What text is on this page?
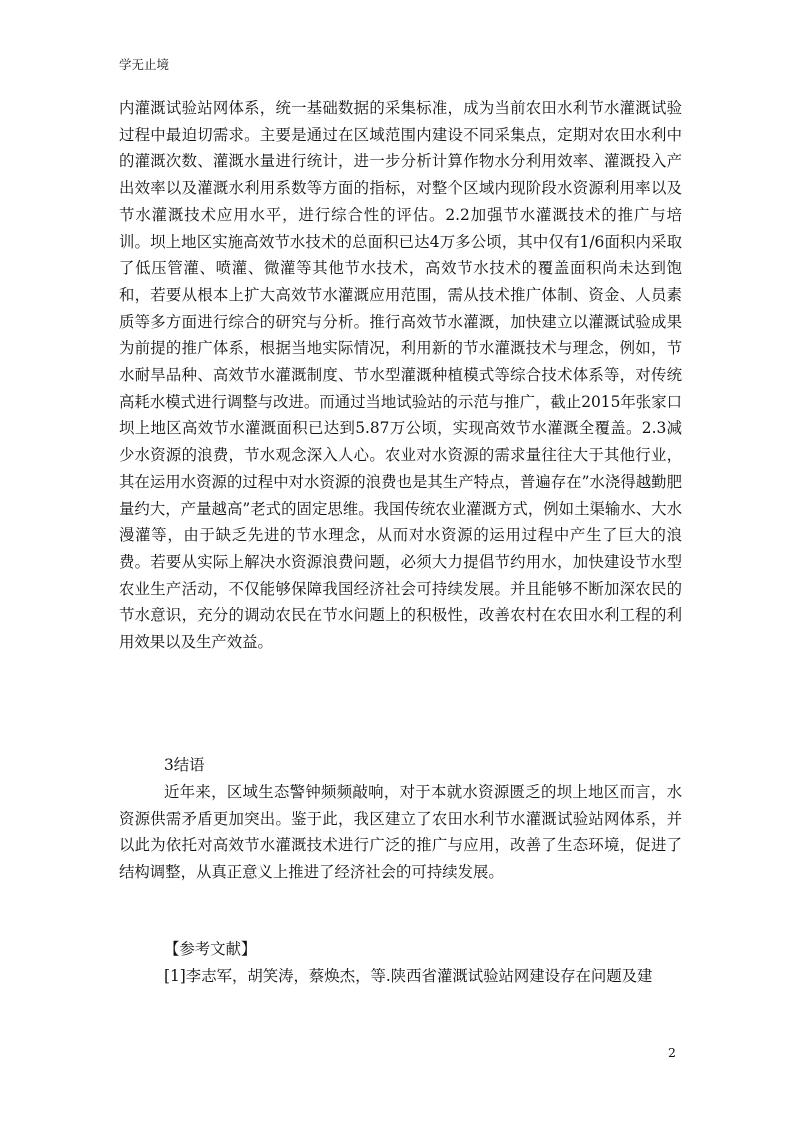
学无止境

内灌溉试验站网体系，统一基础数据的采集标准，成为当前农田水利节水灌溉试验过程中最迫切需求。主要是通过在区域范围内建设不同采集点，定期对农田水利中的灌溉次数、灌溉水量进行统计，进一步分析计算作物水分利用效率、灌溉投入产出效率以及灌溉水利用系数等方面的指标，对整个区域内现阶段水资源利用率以及节水灌溉技术应用水平，进行综合性的评估。2.2加强节水灌溉技术的推广与培训。坝上地区实施高效节水技术的总面积已达4万多公顷，其中仅有1/6面积内采取了低压管灌、喷灌、微灌等其他节水技术，高效节水技术的覆盖面积尚未达到饱和，若要从根本上扩大高效节水灌溉应用范围，需从技术推广体制、资金、人员素质等多方面进行综合的研究与分析。推行高效节水灌溉，加快建立以灌溉试验成果为前提的推广体系，根据当地实际情况，利用新的节水灌溉技术与理念，例如，节水耐旱品种、高效节水灌溉制度、节水型灌溉种植模式等综合技术体系等，对传统高耗水模式进行调整与改进。而通过当地试验站的示范与推广，截止2015年张家口坝上地区高效节水灌溉面积已达到5.87万公顷，实现高效节水灌溉全覆盖。2.3减少水资源的浪费，节水观念深入人心。农业对水资源的需求量往往大于其他行业，其在运用水资源的过程中对水资源的浪费也是其生产特点，普遍存在”水浇得越勤肥量约大，产量越高”老式的固定思维。我国传统农业灌溉方式，例如土渠输水、大水漫灌等，由于缺乏先进的节水理念，从而对水资源的运用过程中产生了巨大的浪费。若要从实际上解决水资源浪费问题，必须大力提倡节约用水，加快建设节水型农业生产活动，不仅能够保障我国经济社会可持续发展。并且能够不断加深农民的节水意识，充分的调动农民在节水问题上的积极性，改善农村在农田水利工程的利用效果以及生产效益。

3结语

近年来，区域生态警钟频频敲响，对于本就水资源匮乏的坝上地区而言，水资源供需矛盾更加突出。鉴于此，我区建立了农田水利节水灌溉试验站网体系，并以此为依托对高效节水灌溉技术进行广泛的推广与应用，改善了生态环境，促进了结构调整，从真正意义上推进了经济社会的可持续发展。

【参考文献】

[1]李志军，胡笑涛，蔡焕杰，等.陕西省灌溉试验站网建设存在问题及建

2
